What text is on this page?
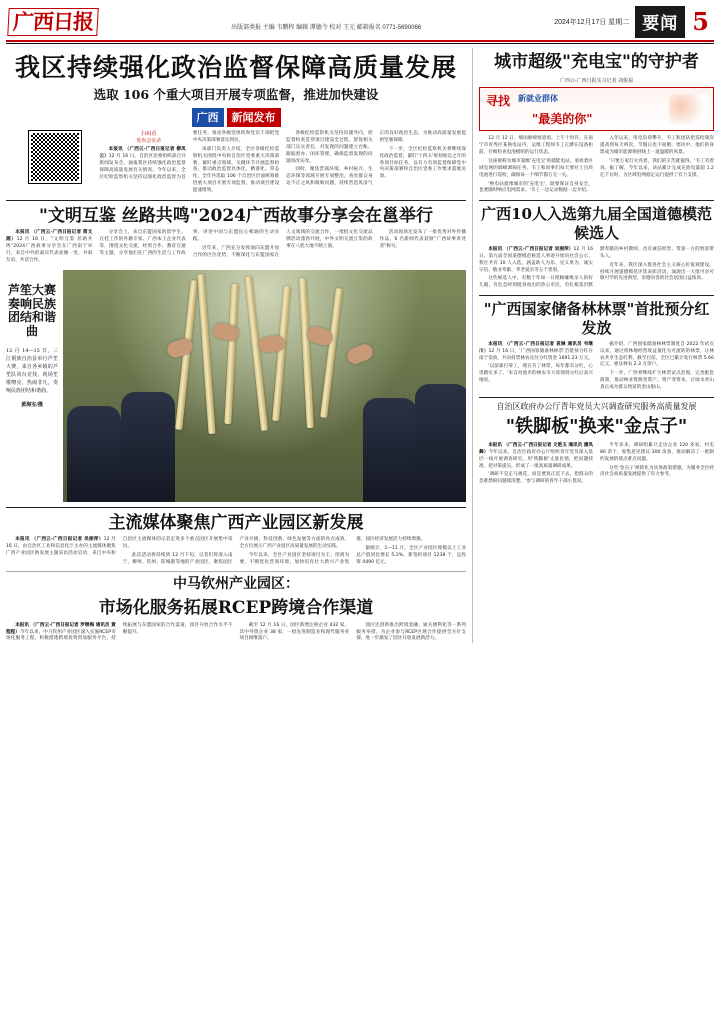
广西日报	出版部类报 主编 韦鹏程 编辑 谭德令 校对 王元 邮箱报名 0771-5690066
2024年12月17日 星期二 要闻 5
我区持续强化政治监督保障高质量发展
选取 106 个重大项目开展专项监督，推进加快建设
广西	新闻发布
扫码看
发布会实录

本报讯 （广西云-广西日报记者 柳凤云）12 月 16 日，自治区党委组织部召开新闻发布会，通报我区持续强化政治监督保障高质量发展有关情况。今年以来，全区纪检监察机关坚持以强化政治监督为首要任务，推动各级党组织和党员干部把党中央决策部署落实到位。

该部门负责人介绍，全区各级纪检监察机关围绕中央和自治区党委重大决策部署，紧盯重点领域、关键环节开展监督检查，推动政治监督具体化、精准化、常态化，全年共选取 106 个自治区层面统筹推进重大项目开展专项监督，推动项目建设提速增效。

各级纪检监察机关坚持问题导向，把监督检查贯穿项目建设全过程，督促相关部门压实责任，对发现的问题建立台账、跟踪督办、闭环管理，确保监督发现的问题真改实改。

同时，聚焦营商环境、乡村振兴、生态环保等领域开展专项整治，查处群众身边不正之风和腐败问题，持续营造风清气正的良好政治生态，为推动高质量发展提供坚强保障。

下一步，全区纪检监察机关将继续深化政治监督，紧盯'十四五'规划收官之年的各项目标任务，以有力有效监督保障党中央决策部署和自治区党委工作要求落地见效。

"文明互鉴 丝路共鸣"2024广西故事分享会在邕举行

本报讯 （广西云-广西日报记者 简文湘）12 月 16 日，"文明互鉴 丝路共鸣"2024广西故事分享会在广西南宁举行，来自中外的嘉宾代表欢聚一堂，共叙友谊、共话合作。

分享会上，来自东盟国家的留学生、在桂工作的外籍专家、广西本土企业代表等，围绕文化交流、经贸合作、教育互通等主题，分享他们在广西的生活与工作故事，讲述中国与东盟民心相通的生动实践。

近年来，广西充分发挥面向东盟开放合作的区位优势，不断深化与东盟国家在人文领域的交流合作，一批批文化交流品牌活动蓬勃开展，中外文明交流互鉴的故事在八桂大地不断上演。

活动现场还发布了一批优秀对外传播作品，6 名新闻代表获颁"广西故事讲述者"称号。

芦笙大赛奏响民族团结和谐曲
12 月 14—15 日，三江侗族自治县举行芦笙大赛，来自各乡镇的芦笙队同台竞技，现场笙歌嘹亮、热闹非凡，奏响民族团结和谐曲。
黄海宝/摄
主流媒体聚焦广西产业园区新发展

本报讯 （广西云-广西日报记者 吴丽萍）12 月 16 日，由自治区工业和信息化厅主办的主流媒体聚焦广西产业园区新发展主题采访活动启动，来自中央和自治区主流媒体的记者走进多个重点园区开展集中采访。

此次活动将持续到 12 月下旬，记者们将深入南宁、柳州、钦州、防城港等地的产业园区，聚焦园区产业升级、科技创新、绿色发展等方面的亮点成效，全方位展示广西产业园区高质量发展的生动实践。

今年以来，全区产业园区坚持项目为王、招商为要，不断优化营商环境，加快培育壮大新兴产业集群，园区经济发展活力持续增强。

据统计，1—11 月，全区产业园区规模以上工业总产值同比增长 5.2%，新签约项目 1238 个，总投资 4490 亿元。

中马钦州产业园区：
市场化服务拓展RCEP跨境合作渠道

本报讯 （广西云-广西日报记者 罗继梅 通讯员 黄程程）今年以来，中马钦州产业园区深入实施RCEP市场化服务工程，积极搭建跨境投资贸易服务平台，持续拓展与东盟国家的合作渠道，园区开放合作水平不断提升。

截至 12 月 16 日，园区新增注册企业 432 家，其中外资企业 38 家，一批先进制造业和现代服务业项目相继落户。

园区还创新推出跨境金融、通关便利化等一系列服务举措，为企业参与RCEP区域合作提供全方位支撑，进一步激发了园区开放发展新活力。

城市超级"充电宝"的守护者
广西云-广西日报实习记者 刘俊福
寻找 新就业群体
"最美的你"

12 月 12 日，细雨绵绵寒意浓。上午十时许，在南宁市青秀区某换电站内，运维工程师韦工正蹲在设备柜前，仔细检查电池模组的运行状态。

这座被称为城市超级'充电宝'的储能电站，承担着区域电网的调峰调频任务。韦工和同事们每天要对上百块电池进行巡检，确保每一个细节都万无一失。

'换电站就像城市的'充电宝'，既要保证自身安全，也要随时响应电网需求。'韦工一边记录数据一边介绍。

入冬以来，用电负荷攀升，韦工和团队把巡检频次提高到每天两次，节假日也不间断。寒风中，他们的身影成为城市能源保供线上一道温暖的风景。

'只要万家灯火亮着，我们的辛苦就值得。'韦工笑着说。据了解，今年以来，该站累计完成充放电量超 1.2 亿千瓦时，为区域电网稳定运行提供了有力支撑。

广西10人入选第九届全国道德模范候选人

本报讯 （广西云-广西日报记者 吴丽萍）12 月 16 日，第九届全国道德模范候选人事迹开始向社会公示，我区共有 10 人入选，涵盖助人为乐、见义勇为、诚实守信、敬业奉献、孝老爱亲等五个类别。

这些候选人中，有数十年如一日照顾瘫痪亲人的好儿媳，有危急时刻挺身而出的热心市民，有扎根基层默默奉献的乡村教师，也有诚信经营、带富一方的致富带头人。

近年来，我区深入推进社会主义核心价值观建设，持续开展道德模范评选表彰活动，涌现出一大批可亲可敬可学的先进典型，崇德向善的社会氛围日益浓厚。

"广西国家储备林林票"首批预分红发放

本报讯 （广西云-广西日报记者 袁琳 通讯员 韦继川）12 月 16 日，'广西国家储备林林票'首批预分红在南宁发放，共向持票林农兑付分红资金 1691.23 万元。

'以前靠打零工，现在有了林票，每年都有分红，心里踏实多了。'来自河池市的林农韦大哥领到分红后高兴地说。

据介绍，广西国家储备林林票制度自 2022 年试点以来，通过将林地经营收益量化为可流转的林票，让林农共享生态红利。截至目前，全区已累计发行林票 5.66 亿元，惠及林农 2.3 万余户。

下一步，广西将继续扩大林票试点范围，完善配套政策，推动林业资源变资产、资产变资本，让绿水青山真正成为群众致富的金山银山。

自治区政府办公厅青年党员大兴调查研究服务高质量发展
"铁脚板"换来"金点子"

本报讯 （广西云-广西日报记者 文艳玉 通讯员 潘凤舞）今年以来，自治区政府办公厅组织青年党员深入基层一线开展调查研究，用'铁脚板'丈量民情，把问题找准、把对策提实，形成了一批高质量调研成果。

'调研不是走马观花，而是要真正沉下去，把群众的急难愁盼问题摸清楚。'参与调研的青年干部小莫说。

半年多来，调研组累计走访企业 120 多家、村屯 80 余个，收集意见建议 300 余条，推动解决了一批制约发展的堵点难点问题。

这些'金点子'被转化为具体政策措施，为服务全区经济社会高质量发展提供了有力参考。
